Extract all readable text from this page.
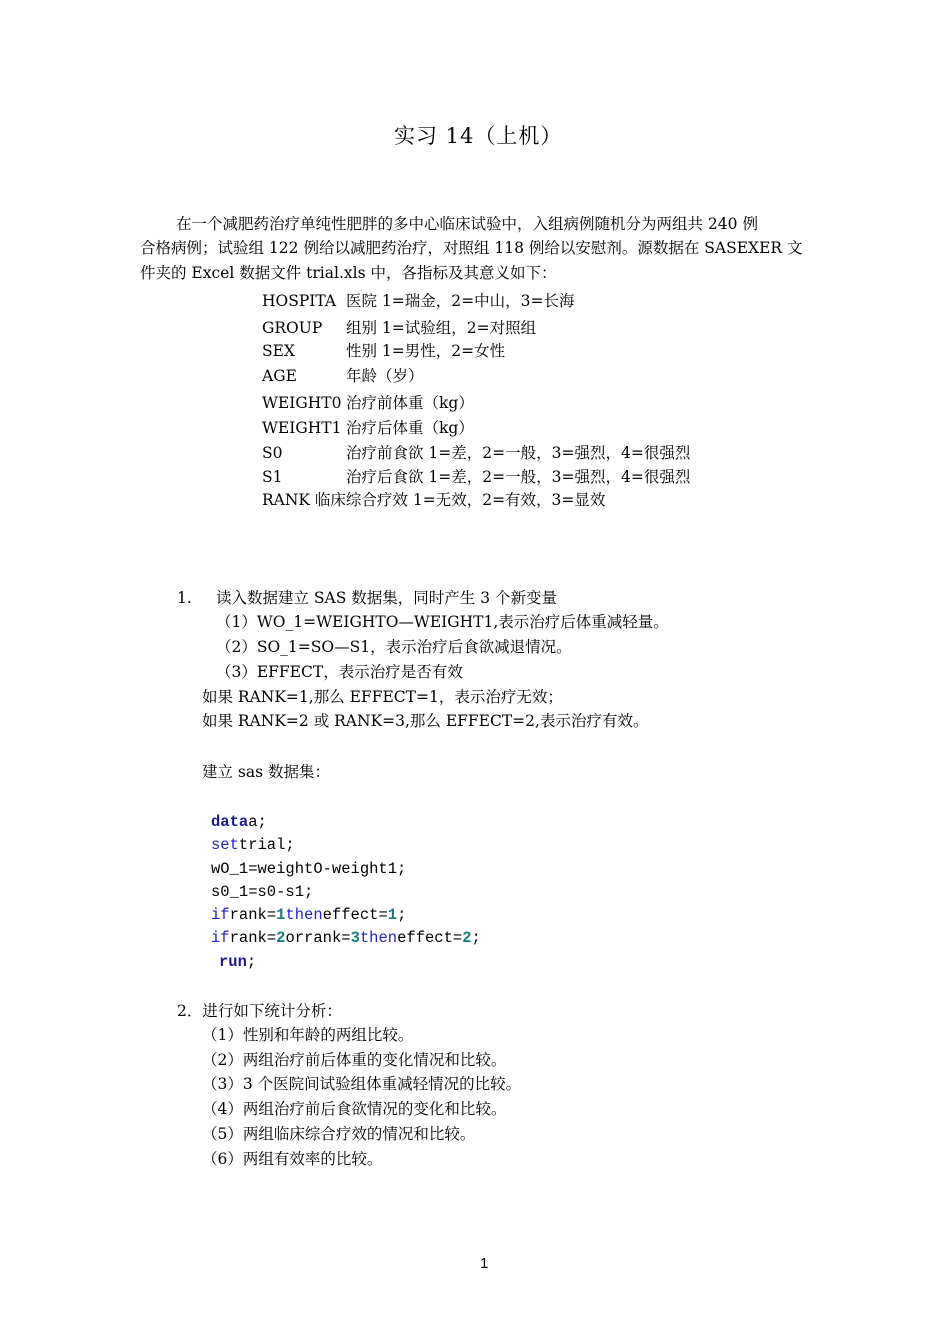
实习 14（上机）
在一个减肥药治疗单纯性肥胖的多中心临床试验中，入组病例随机分为两组共 240 例
合格病例；试验组 122 例给以减肥药治疗，对照组 118 例给以安慰剂。源数据在 SASEXER 文
件夹的 Excel 数据文件 trial.xls 中，各指标及其意义如下：
HOSPITA 医院 1=瑞金，2=中山，3=长海
GROUP 组别 1=试验组，2=对照组
SEX	性别 1=男性，2=女性
AGE	年龄（岁）
WEIGHT0 治疗前体重（kg）
WEIGHT1 治疗后体重（kg）
S0	治疗前食欲 1=差，2=一般，3=强烈，4=很强烈
S1	治疗后食欲 1=差，2=一般，3=强烈，4=很强烈
RANK 临床综合疗效 1=无效，2=有效，3=显效
1. 读入数据建立 SAS 数据集，同时产生 3 个新变量
（1）WO_1=WEIGHTO—WEIGHT1,表示治疗后体重减轻量。
（2）SO_1=SO—S1，表示治疗后食欲减退情况。
（3）EFFECT，表示治疗是否有效
如果 RANK=1,那么 EFFECT=1，表示治疗无效；
如果 RANK=2 或 RANK=3,那么 EFFECT=2,表示治疗有效。
建立 sas 数据集：
dataa;
settrial;
wO_1=weightO-weight1;
s0_1=s0-s1;
ifrank=1theneffect=1;
ifrank=2orrank=3theneffect=2;
run;
2．进行如下统计分析：
（1）性别和年龄的两组比较。
（2）两组治疗前后体重的变化情况和比较。
（3）3 个医院间试验组体重减轻情况的比较。
（4）两组治疗前后食欲情况的变化和比较。
（5）两组临床综合疗效的情况和比较。
（6）两组有效率的比较。
1
